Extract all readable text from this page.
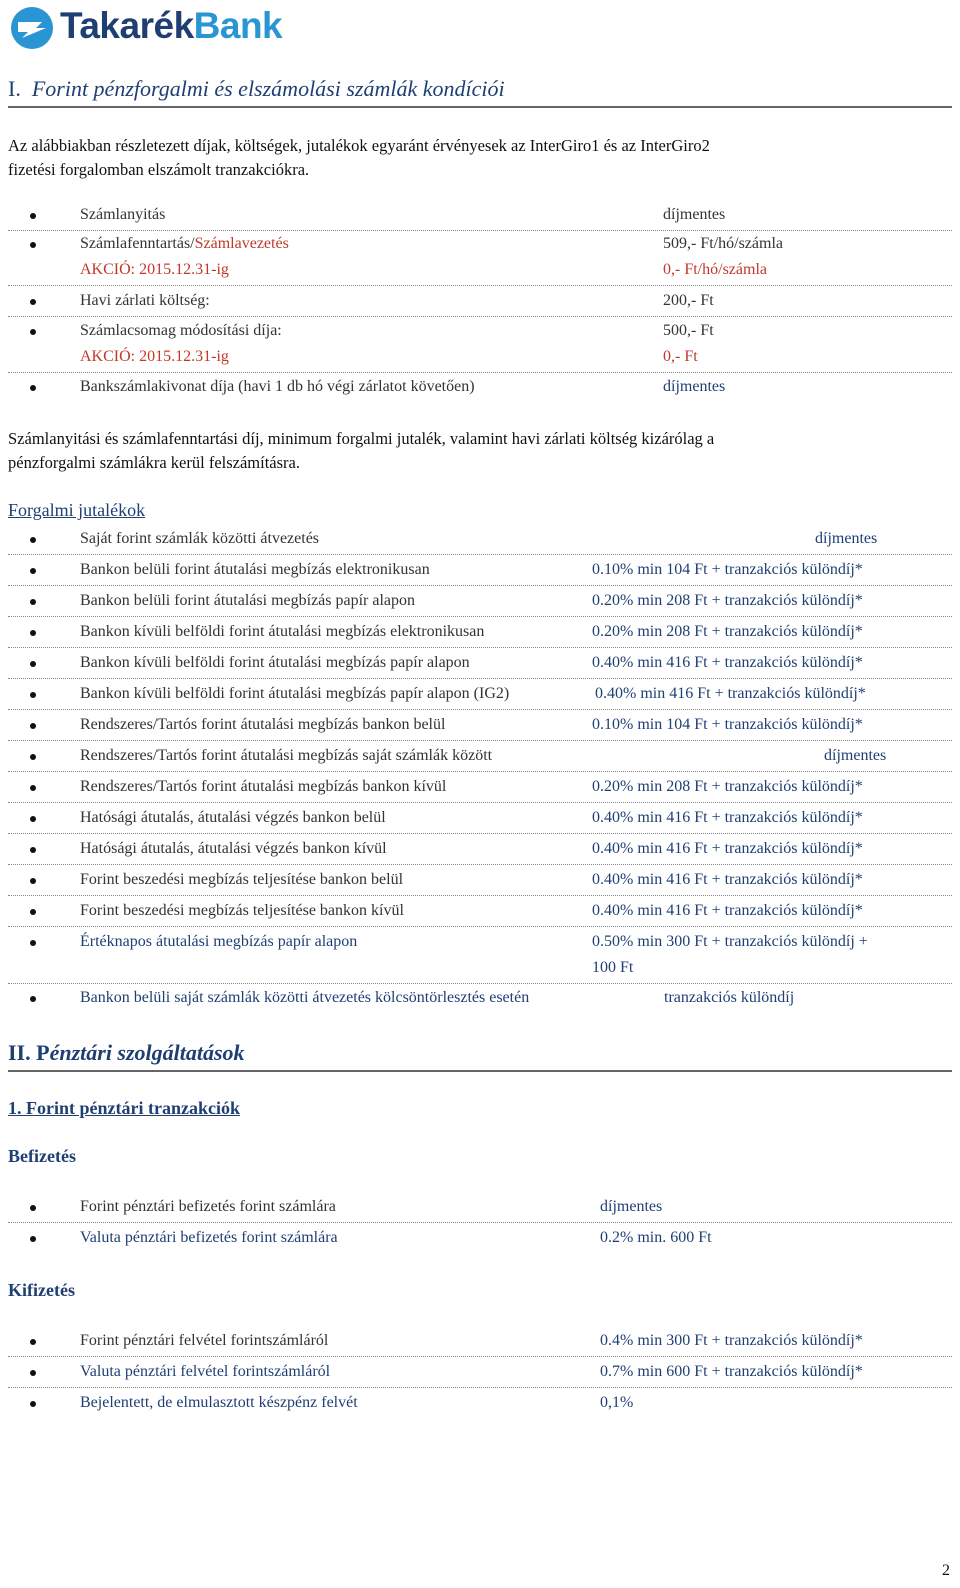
TakarékBank
I. Forint pénzforgalmi és elszámolási számlák kondíciói
Az alábbiakban részletezett díjak, költségek, jutalékok egyaránt érvényesek az InterGiro1 és az InterGiro2
fizetési forgalomban elszámolt tranzakciókra.
Számlanyitás	díjmentes
Számlafenntartás/Számlavezetés	509,- Ft/hó/számla
AKCIÓ: 2015.12.31-ig	0,- Ft/hó/számla
Havi zárlati költség:	200,- Ft
Számlacsomag módosítási díja:	500,- Ft
AKCIÓ: 2015.12.31-ig	0,- Ft
Bankszámlakivonat díja (havi 1 db hó végi zárlatot követően)	díjmentes
Számlanyitási és számlafenntartási díj, minimum forgalmi jutalék, valamint havi zárlati költség kizárólag a
pénzforgalmi számlákra kerül felszámításra.
Forgalmi jutalékok
Saját forint számlák közötti átvezetés	díjmentes
Bankon belüli forint átutalási megbízás elektronikusan	0.10% min 104 Ft + tranzakciós különdíj*
Bankon belüli forint átutalási megbízás papír alapon	0.20% min 208 Ft + tranzakciós különdíj*
Bankon kívüli belföldi forint átutalási megbízás elektronikusan	0.20% min 208 Ft + tranzakciós különdíj*
Bankon kívüli belföldi forint átutalási megbízás papír alapon	0.40% min 416 Ft + tranzakciós különdíj*
Bankon kívüli belföldi forint átutalási megbízás papír alapon (IG2)	0.40% min 416 Ft + tranzakciós különdíj*
Rendszeres/Tartós forint átutalási megbízás bankon belül	0.10% min 104 Ft + tranzakciós különdíj*
Rendszeres/Tartós forint átutalási megbízás saját számlák között	díjmentes
Rendszeres/Tartós forint átutalási megbízás bankon kívül	0.20% min 208 Ft + tranzakciós különdíj*
Hatósági átutalás, átutalási végzés bankon belül	0.40% min 416 Ft + tranzakciós különdíj*
Hatósági átutalás, átutalási végzés bankon kívül	0.40% min 416 Ft + tranzakciós különdíj*
Forint beszedési megbízás teljesítése bankon belül	0.40% min 416 Ft + tranzakciós különdíj*
Forint beszedési megbízás teljesítése bankon kívül	0.40% min 416 Ft + tranzakciós különdíj*
Értéknapos átutalási megbízás papír alapon	0.50% min 300 Ft + tranzakciós különdíj +
100 Ft
Bankon belüli saját számlák közötti átvezetés kölcsöntörlesztés esetén	tranzakciós különdíj
II. Pénztári szolgáltatások
1. Forint pénztári tranzakciók
Befizetés
Forint pénztári befizetés forint számlára	díjmentes
Valuta pénztári befizetés forint számlára	0.2% min. 600 Ft
Kifizetés
Forint pénztári felvétel forintszámláról	0.4% min 300 Ft + tranzakciós különdíj*
Valuta pénztári felvétel forintszámláról	0.7% min 600 Ft + tranzakciós különdíj*
Bejelentett, de elmulasztott készpénz felvét	0,1%
2
